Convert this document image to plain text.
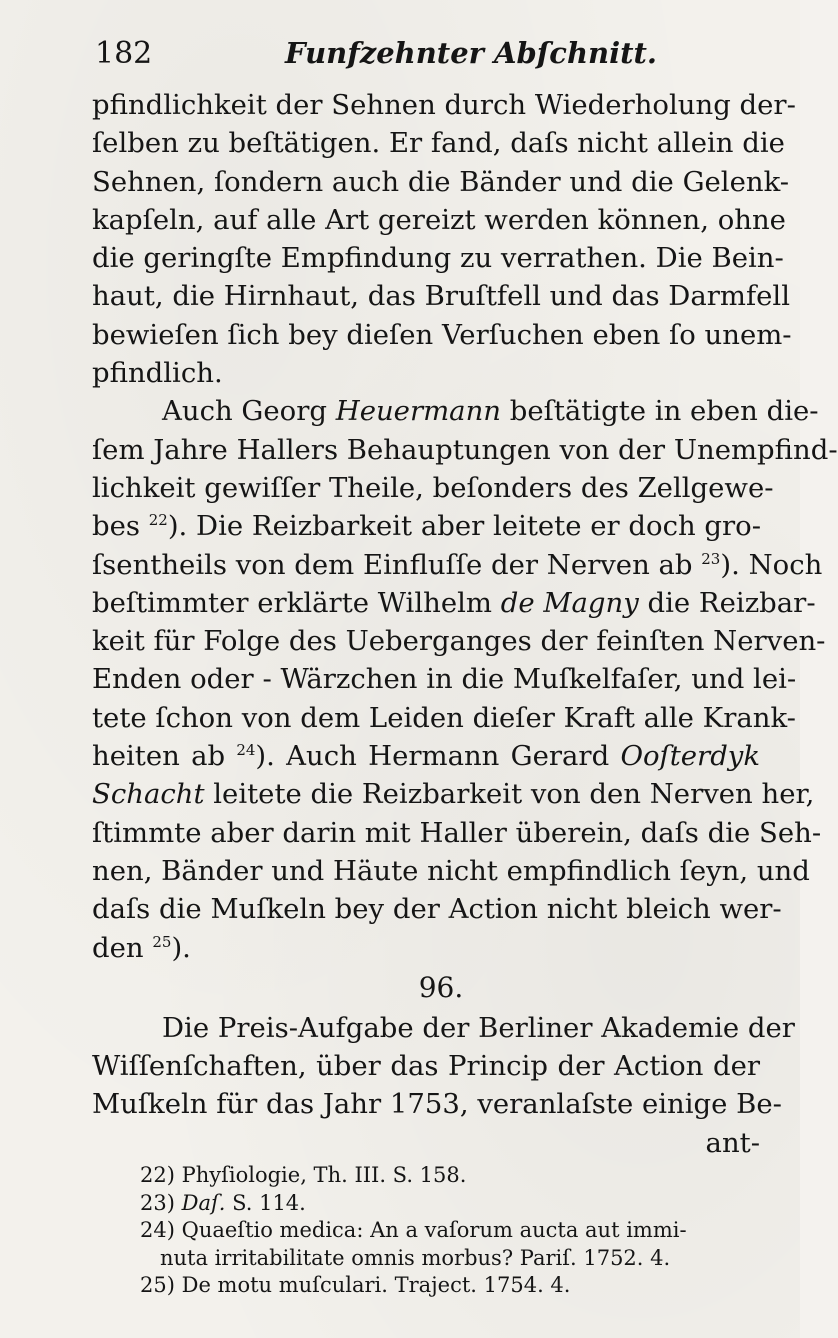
182	Funfzehnter Abſchnitt.
pfindlichkeit der Sehnen durch Wiederholung der-
ſelben zu beſtätigen. Er fand, daſs nicht allein die
Sehnen, ſondern auch die Bänder und die Gelenk-
kapſeln, auf alle Art gereizt werden können, ohne
die geringſte Empfindung zu verrathen. Die Bein-
haut, die Hirnhaut, das Bruſtfell und das Darmfell
bewieſen ſich bey dieſen Verſuchen eben ſo unem-
pfindlich.
Auch Georg Heuermann beſtätigte in eben die-
ſem Jahre Hallers Behauptungen von der Unempfind-
lichkeit gewiſſer Theile, beſonders des Zellgewe-
bes $^{22}$). Die Reizbarkeit aber leitete er doch gro-
ſsentheils von dem Einfluſſe der Nerven ab $^{23}$). Noch
beſtimmter erklärte Wilhelm de Magny die Reizbar-
keit für Folge des Ueberganges der feinſten Nerven-
Enden oder - Wärzchen in die Muſkelfaſer, und lei-
tete ſchon von dem Leiden dieſer Kraft alle Krank-
heiten ab $^{24}$). Auch Hermann Gerard Ooſterdyk
Schacht leitete die Reizbarkeit von den Nerven her,
ſtimmte aber darin mit Haller überein, daſs die Seh-
nen, Bänder und Häute nicht empfindlich ſeyn, und
daſs die Muſkeln bey der Action nicht bleich wer-
den $^{25}$).
96.
Die Preis-Aufgabe der Berliner Akademie der
Wiſſenſchaften, über das Princip der Action der
Muſkeln für das Jahr 1753, veranlaſste einige Be-
ant-
22) Phyſiologie, Th. III. S. 158.
23) Daſ. S. 114.
24) Quaeſtio medica: An a vaſorum aucta aut immi-
nuta irritabilitate omnis morbus? Pariſ. 1752. 4.
25) De motu muſculari. Traject. 1754. 4.
